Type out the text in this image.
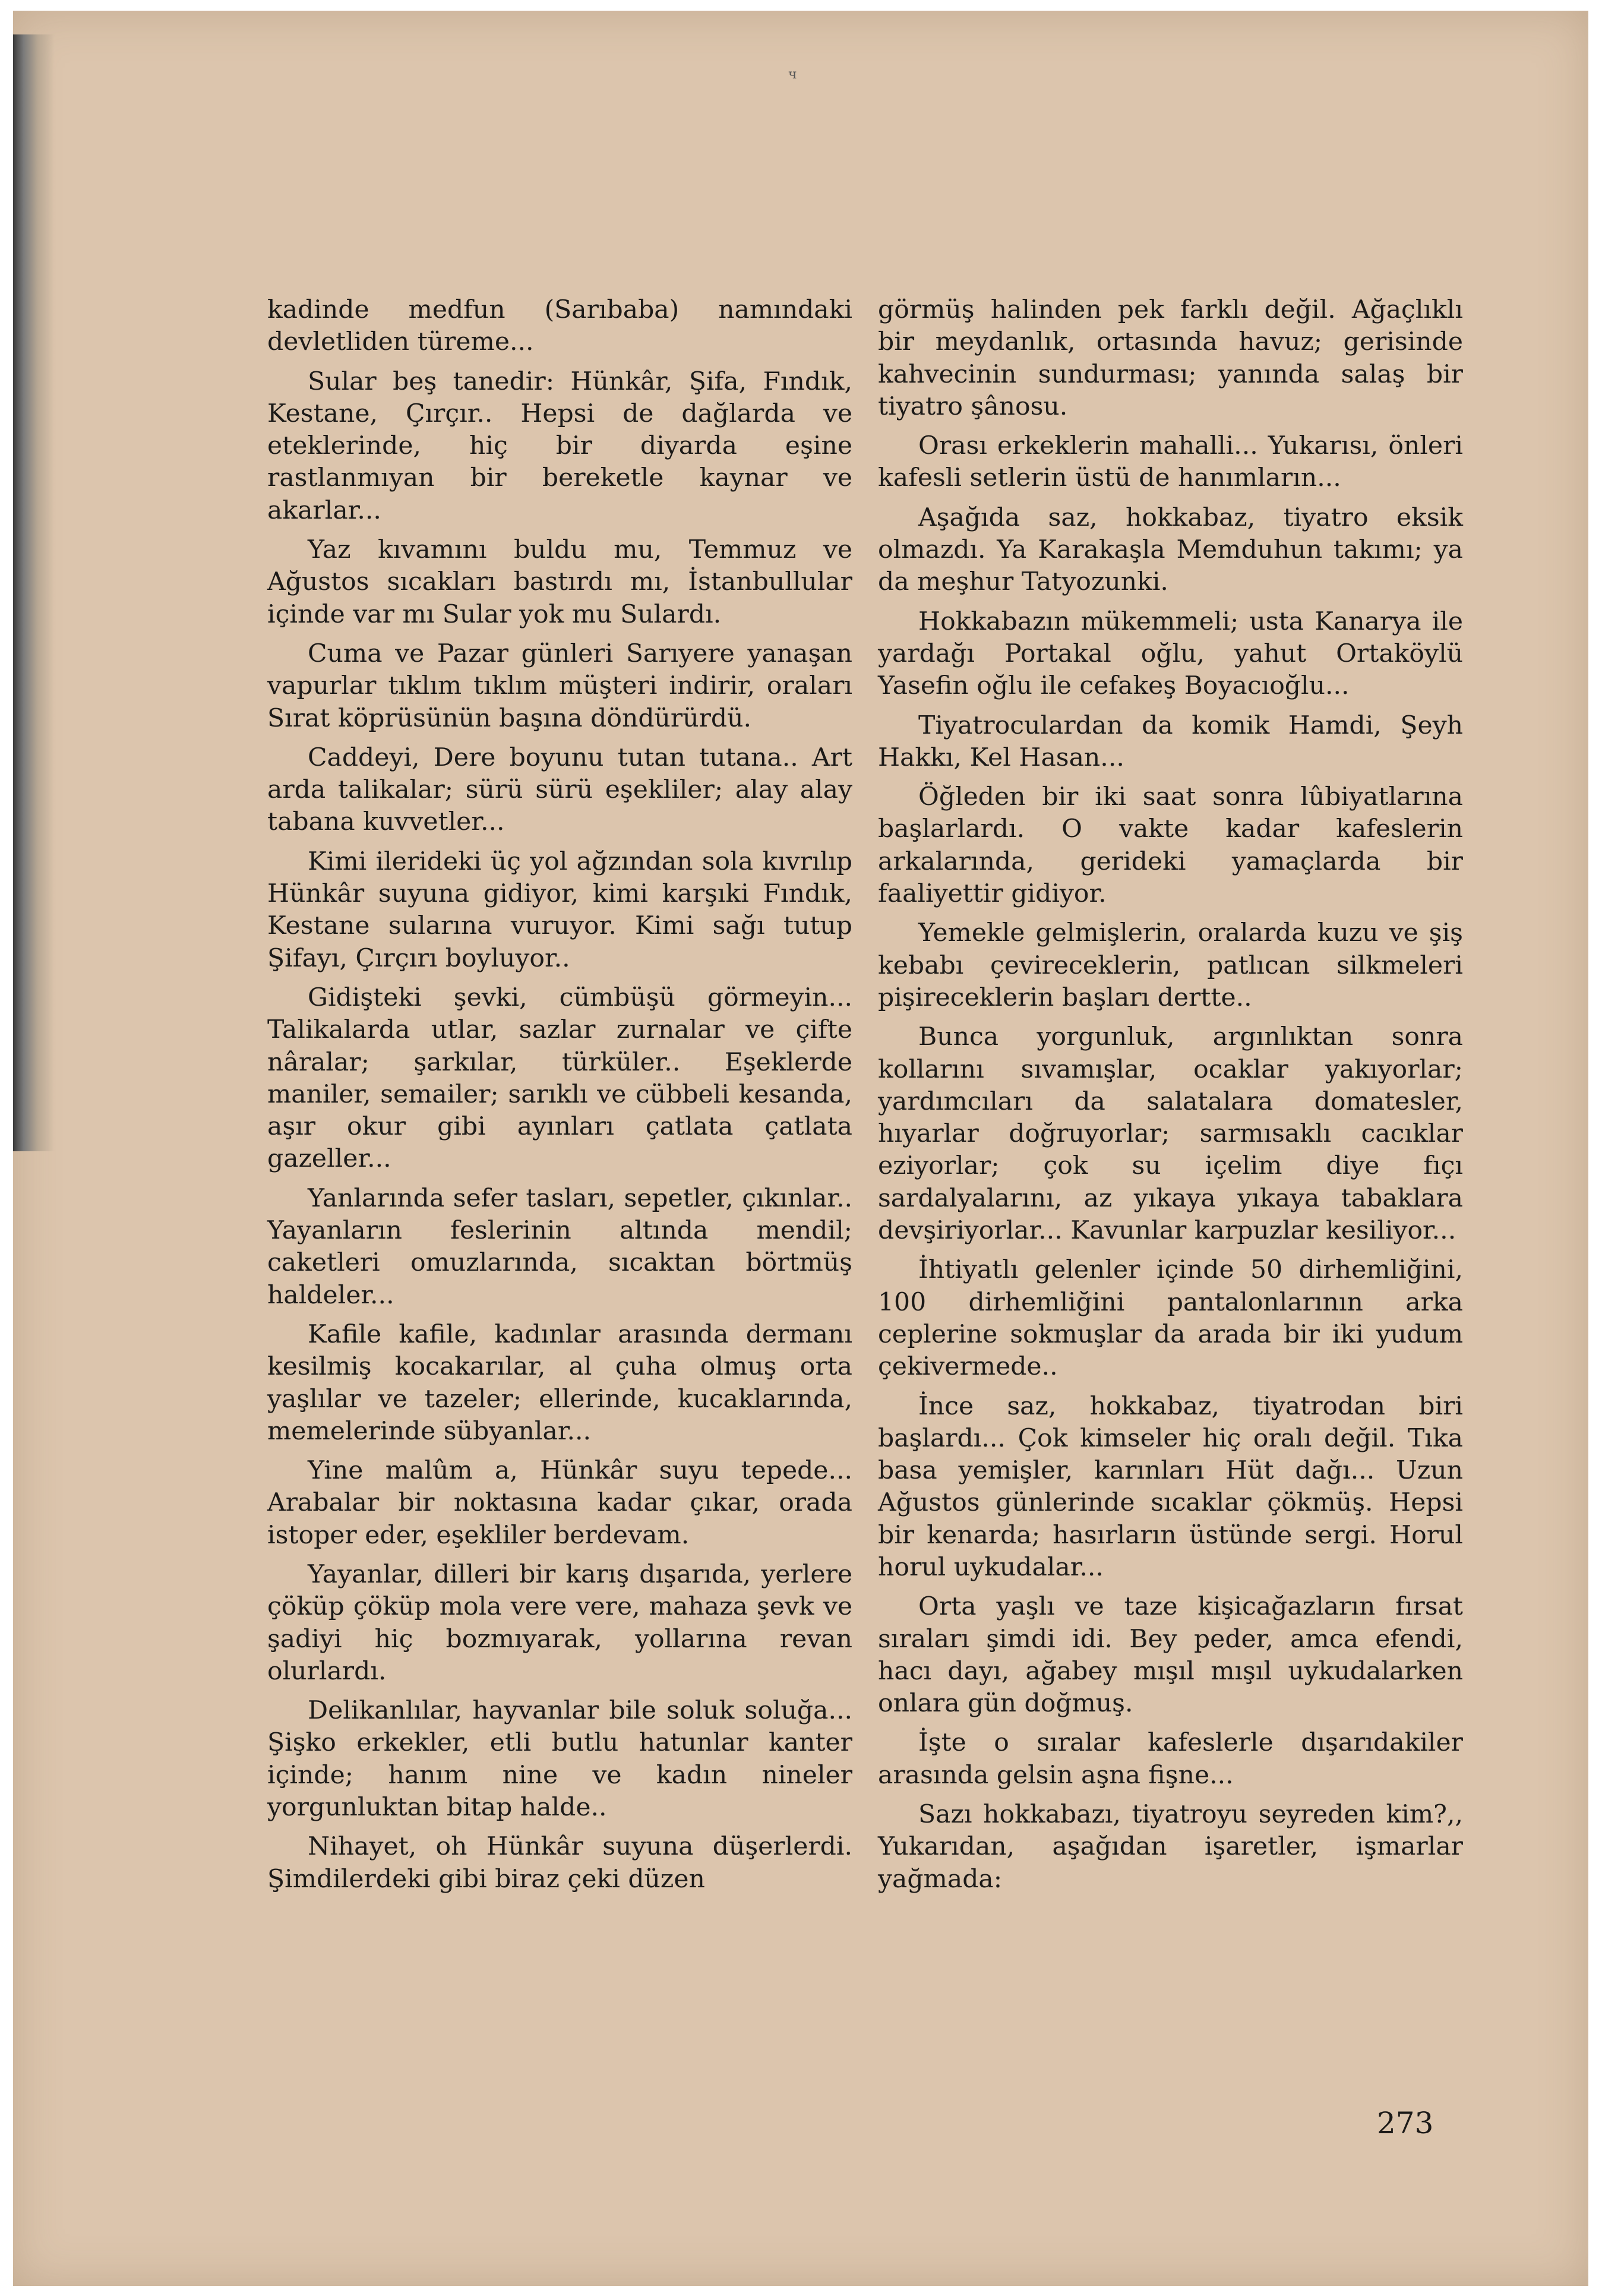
ч

kadinde medfun (Sarıbaba) namındaki devletliden türeme...

Sular beş tanedir: Hünkâr, Şifa, Fındık, Kestane, Çırçır.. Hepsi de dağlarda ve eteklerinde, hiç bir diyarda eşine rastlanmıyan bir bereketle kaynar ve akarlar...

Yaz kıvamını buldu mu, Temmuz ve Ağustos sıcakları bastırdı mı, İstanbullular içinde var mı Sular yok mu Sulardı.

Cuma ve Pazar günleri Sarıyere yanaşan vapurlar tıklım tıklım müşteri indirir, oraları Sırat köprüsünün başına döndürürdü.

Caddeyi, Dere boyunu tutan tutana.. Art arda talikalar; sürü sürü eşekliler; alay alay tabana kuvvetler...

Kimi ilerideki üç yol ağzından sola kıvrılıp Hünkâr suyuna gidiyor, kimi karşıki Fındık, Kestane sularına vuruyor. Kimi sağı tutup Şifayı, Çırçırı boyluyor..

Gidişteki şevki, cümbüşü görmeyin... Talikalarda utlar, sazlar zurnalar ve çifte nâralar; şarkılar, türküler.. Eşeklerde maniler, semailer; sarıklı ve cübbeli kesanda, aşır okur gibi ayınları çatlata çatlata gazeller...

Yanlarında sefer tasları, sepetler, çıkınlar.. Yayanların feslerinin altında mendil; caketleri omuzlarında, sıcaktan börtmüş haldeler...

Kafile kafile, kadınlar arasında dermanı kesilmiş kocakarılar, al çuha olmuş orta yaşlılar ve tazeler; ellerinde, kucaklarında, memelerinde sübyanlar...

Yine malûm a, Hünkâr suyu tepede... Arabalar bir noktasına kadar çıkar, orada istoper eder, eşekliler berdevam.

Yayanlar, dilleri bir karış dışarıda, yerlere çöküp çöküp mola vere vere, mahaza şevk ve şadiyi hiç bozmıyarak, yollarına revan olurlardı.

Delikanlılar, hayvanlar bile soluk soluğa... Şişko erkekler, etli butlu hatunlar kanter içinde; hanım nine ve kadın nineler yorgunluktan bitap halde..

Nihayet, oh Hünkâr suyuna düşerlerdi. Şimdilerdeki gibi biraz çeki düzen

görmüş halinden pek farklı değil. Ağaçlıklı bir meydanlık, ortasında havuz; gerisinde kahvecinin sundurması; yanında salaş bir tiyatro şânosu.

Orası erkeklerin mahalli... Yukarısı, önleri kafesli setlerin üstü de hanımların...

Aşağıda saz, hokkabaz, tiyatro eksik olmazdı. Ya Karakaşla Memduhun takımı; ya da meşhur Tatyozunki.

Hokkabazın mükemmeli; usta Kanarya ile yardağı Portakal oğlu, yahut Ortaköylü Yasefin oğlu ile cefakeş Boyacıoğlu...

Tiyatroculardan da komik Hamdi, Şeyh Hakkı, Kel Hasan...

Öğleden bir iki saat sonra lûbiyatlarına başlarlardı. O vakte kadar kafeslerin arkalarında, gerideki yamaçlarda bir faaliyettir gidiyor.

Yemekle gelmişlerin, oralarda kuzu ve şiş kebabı çevireceklerin, patlıcan silkmeleri pişireceklerin başları dertte..

Bunca yorgunluk, argınlıktan sonra kollarını sıvamışlar, ocaklar yakıyorlar; yardımcıları da salatalara domatesler, hıyarlar doğruyorlar; sarmısaklı cacıklar eziyorlar; çok su içelim diye fıçı sardalyalarını, az yıkaya yıkaya tabaklara devşiriyorlar... Kavunlar karpuzlar kesiliyor...

İhtiyatlı gelenler içinde 50 dirhemliğini, 100 dirhemliğini pantalonlarının arka ceplerine sokmuşlar da arada bir iki yudum çekivermede..

İnce saz, hokkabaz, tiyatrodan biri başlardı... Çok kimseler hiç oralı değil. Tıka basa yemişler, karınları Hüt dağı... Uzun Ağustos günlerinde sıcaklar çökmüş. Hepsi bir kenarda; hasırların üstünde sergi. Horul horul uykudalar...

Orta yaşlı ve taze kişicağazların fırsat sıraları şimdi idi. Bey peder, amca efendi, hacı dayı, ağabey mışıl mışıl uykudalarken onlara gün doğmuş.

İşte o sıralar kafeslerle dışarıdakiler arasında gelsin aşna fişne...

Sazı hokkabazı, tiyatroyu seyreden kim?,, Yukarıdan, aşağıdan işaretler, işmarlar yağmada:

273
